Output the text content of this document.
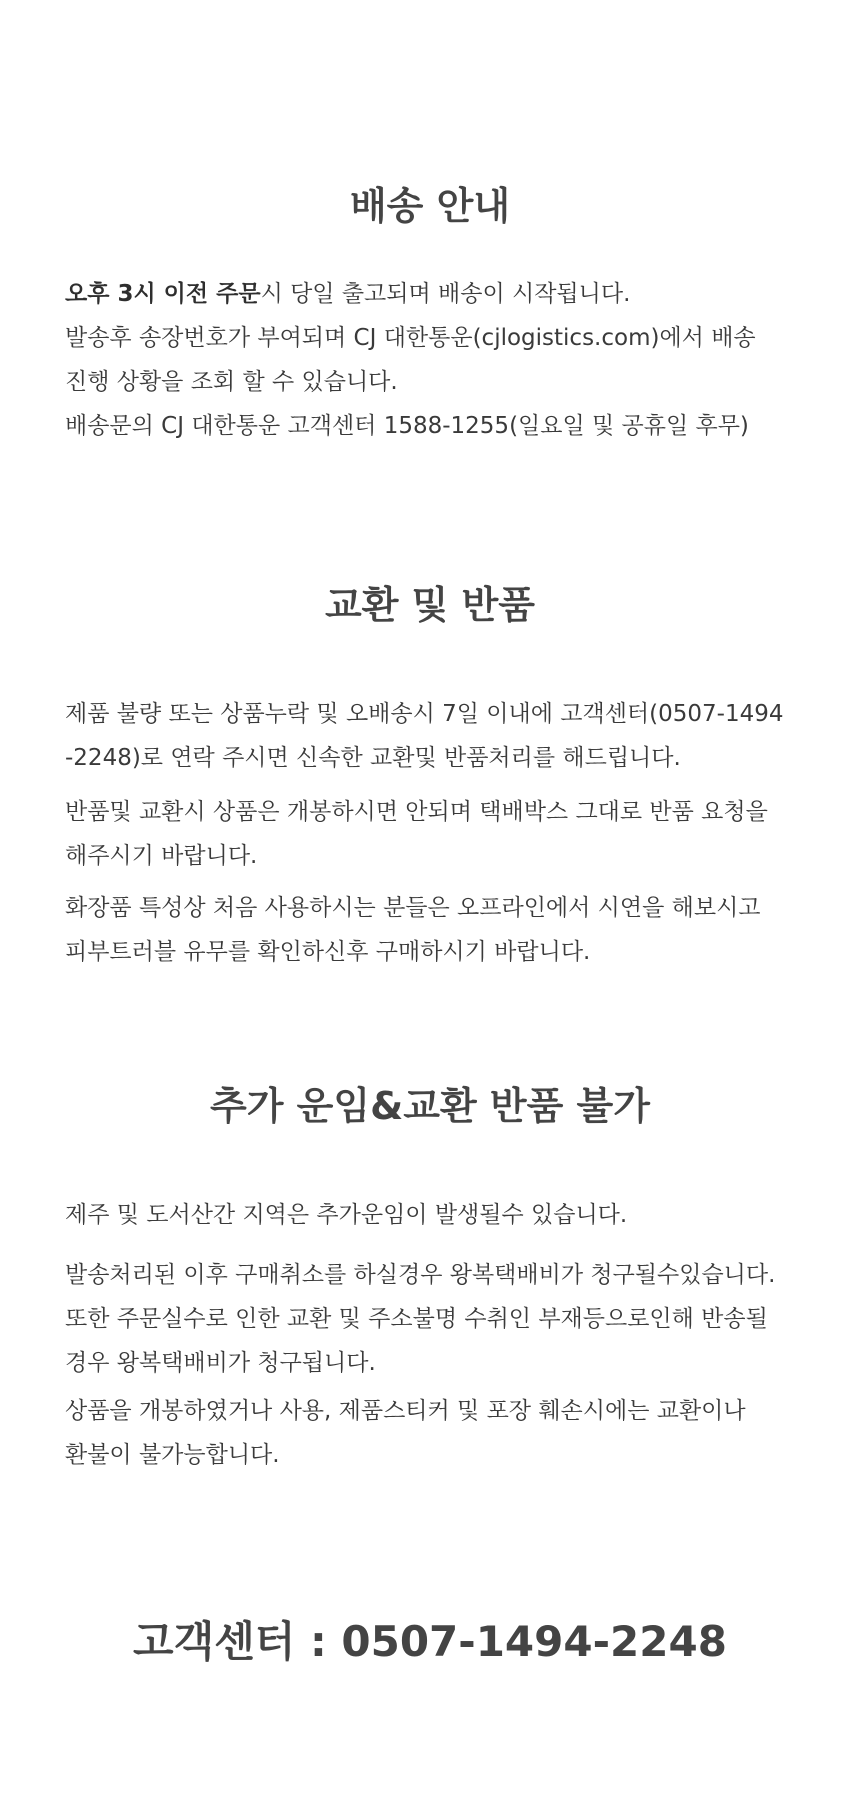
배송 안내

오후 3시 이전 주문시 당일 출고되며 배송이 시작됩니다.

발송후 송장번호가 부여되며 CJ 대한통운(cjlogistics.com)에서 배송
진행 상황을 조회 할 수 있습니다.

배송문의 CJ 대한통운 고객센터 1588-1255(일요일 및 공휴일 후무)

교환 및 반품

제품 불량 또는 상품누락 및 오배송시 7일 이내에 고객센터(0507-1494
-2248)로 연락 주시면 신속한 교환및 반품처리를 해드립니다.

반품및 교환시 상품은 개봉하시면 안되며 택배박스 그대로 반품 요청을
해주시기 바랍니다.

화장품 특성상 처음 사용하시는 분들은 오프라인에서 시연을 해보시고
피부트러블 유무를 확인하신후 구매하시기 바랍니다.

추가 운임&교환 반품 불가

제주 및 도서산간 지역은 추가운임이 발생될수 있습니다.

발송처리된 이후 구매취소를 하실경우 왕복택배비가 청구될수있습니다.
또한 주문실수로 인한 교환 및 주소불명 수취인 부재등으로인해 반송될
경우 왕복택배비가 청구됩니다.

상품을 개봉하였거나 사용, 제품스티커 및 포장 훼손시에는 교환이나
환불이 불가능합니다.

고객센터 : 0507-1494-2248
